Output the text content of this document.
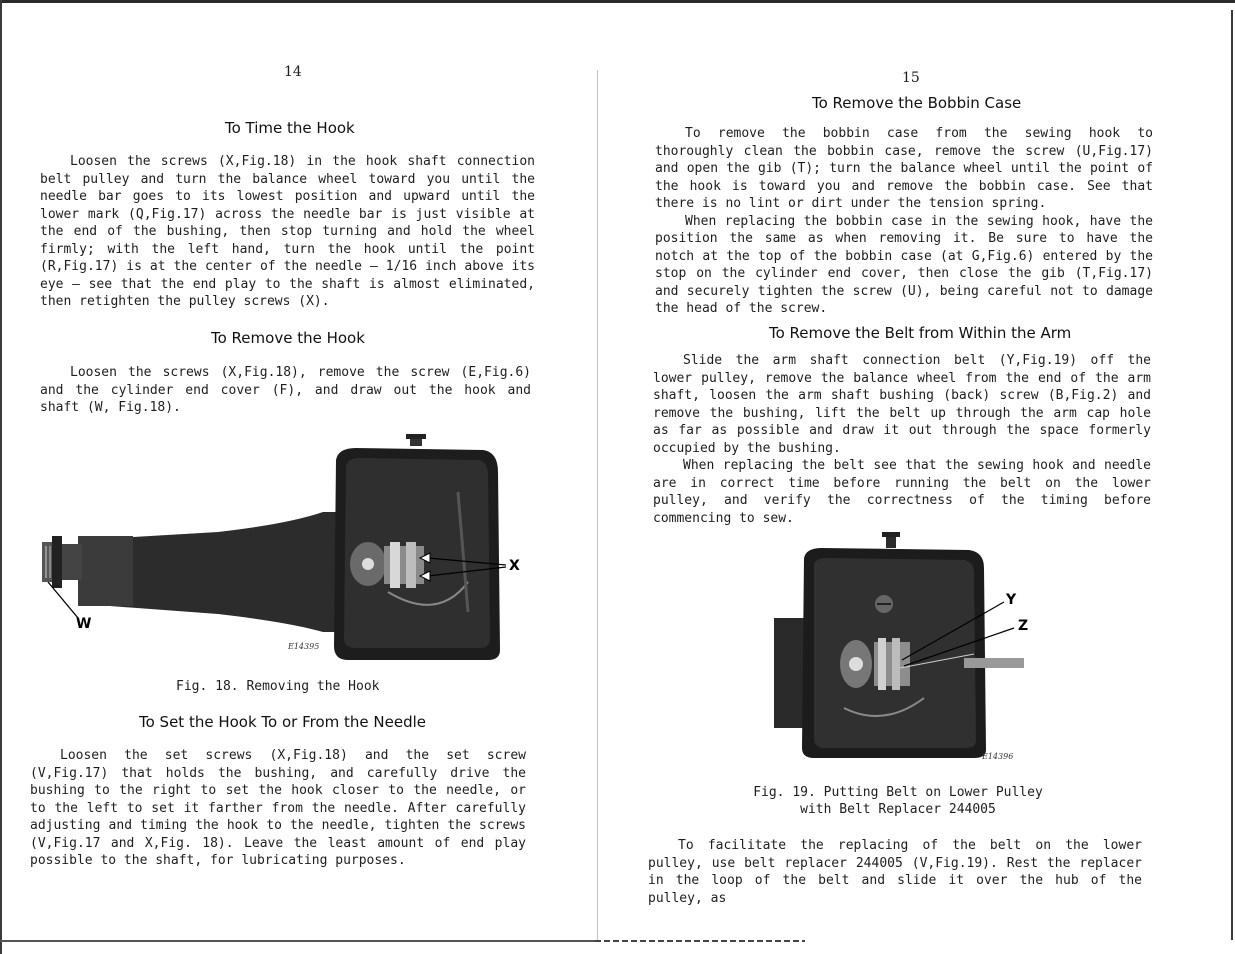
14
To Time the Hook

Loosen the screws (X,Fig.18) in the hook shaft connection belt pulley and turn the balance wheel toward you until the needle bar goes to its lowest position and upward until the lower mark (Q,Fig.17) across the needle bar is just visible at the end of the bushing, then stop turning and hold the wheel firmly; with the left hand, turn the hook until the point (R,Fig.17) is at the center of the needle — 1/16 inch above its eye — see that the end play to the shaft is almost eliminated, then retighten the pulley screws (X).

To Remove the Hook

Loosen the screws (X,Fig.18), remove the screw (E,Fig.6) and the cylinder end cover (F), and draw out the hook and shaft (W, Fig.18).

X
W
E14395
Fig. 18. Removing the Hook
To Set the Hook To or From the Needle

Loosen the set screws (X,Fig.18) and the set screw (V,Fig.17) that holds the bushing, and carefully drive the bushing to the right to set the hook closer to the needle, or to the left to set it farther from the needle. After carefully adjusting and timing the hook to the needle, tighten the screws (V,Fig.17 and X,Fig. 18). Leave the least amount of end play possible to the shaft, for lubricating purposes.

15
To Remove the Bobbin Case

To remove the bobbin case from the sewing hook to thoroughly clean the bobbin case, remove the screw (U,Fig.17) and open the gib (T); turn the balance wheel until the point of the hook is toward you and remove the bobbin case. See that there is no lint or dirt under the tension spring.

When replacing the bobbin case in the sewing hook, have the position the same as when removing it. Be sure to have the notch at the top of the bobbin case (at G,Fig.6) entered by the stop on the cylinder end cover, then close the gib (T,Fig.17) and securely tighten the screw (U), being careful not to damage the head of the screw.

To Remove the Belt from Within the Arm

Slide the arm shaft connection belt (Y,Fig.19) off the lower pulley, remove the balance wheel from the end of the arm shaft, loosen the arm shaft bushing (back) screw (B,Fig.2) and remove the bushing, lift the belt up through the arm cap hole as far as possible and draw it out through the space formerly occupied by the bushing.

When replacing the belt see that the sewing hook and needle are in correct time before running the belt on the lower pulley, and verify the correctness of the timing before commencing to sew.

Y
Z
E14396
Fig. 19. Putting Belt on Lower Pulley
with Belt Replacer 244005

To facilitate the replacing of the belt on the lower pulley, use belt replacer 244005 (V,Fig.19). Rest the replacer in the loop of the belt and slide it over the hub of the pulley, as
